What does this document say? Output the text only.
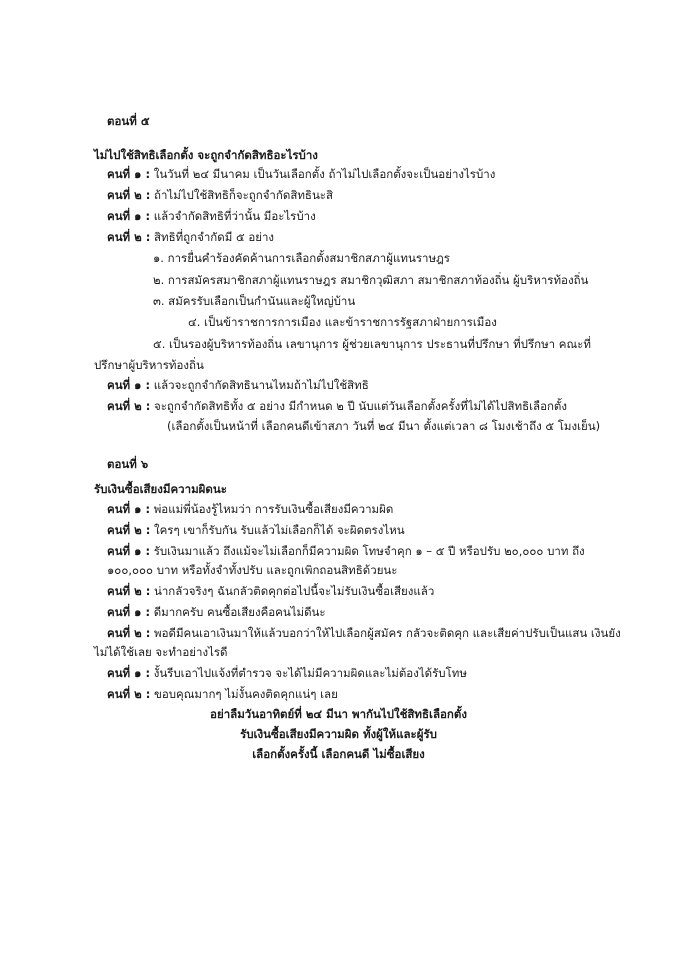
ตอนที่ ๕
ไม่ไปใช้สิทธิเลือกตั้ง จะถูกจำกัดสิทธิอะไรบ้าง
คนที่ ๑ : ในวันที่ ๒๔ มีนาคม เป็นวันเลือกตั้ง ถ้าไม่ไปเลือกตั้งจะเป็นอย่างไรบ้าง
คนที่ ๒ : ถ้าไม่ไปใช้สิทธิก็จะถูกจำกัดสิทธินะสิ
คนที่ ๑ : แล้วจำกัดสิทธิที่ว่านั้น มีอะไรบ้าง
คนที่ ๒ : สิทธิที่ถูกจำกัดมี ๕ อย่าง
๑. การยื่นคำร้องคัดค้านการเลือกตั้งสมาชิกสภาผู้แทนราษฎร
๒. การสมัครสมาชิกสภาผู้แทนราษฎร สมาชิกวุฒิสภา สมาชิกสภาท้องถิ่น ผู้บริหารท้องถิ่น
๓. สมัครรับเลือกเป็นกำนันและผู้ใหญ่บ้าน
๔. เป็นข้าราชการการเมือง และข้าราชการรัฐสภาฝ่ายการเมือง
๕. เป็นรองผู้บริหารท้องถิ่น เลขานุการ ผู้ช่วยเลขานุการ ประธานที่ปรึกษา ที่ปรึกษา คณะที่
ปรึกษาผู้บริหารท้องถิ่น
คนที่ ๑ : แล้วจะถูกจำกัดสิทธินานไหมถ้าไม่ไปใช้สิทธิ
คนที่ ๒ : จะถูกจำกัดสิทธิทั้ง ๕ อย่าง มีกำหนด ๒ ปี นับแต่วันเลือกตั้งครั้งที่ไม่ได้ไปสิทธิเลือกตั้ง
(เลือกตั้งเป็นหน้าที่ เลือกคนดีเข้าสภา วันที่ ๒๔ มีนา ตั้งแต่เวลา ๘ โมงเช้าถึง ๕ โมงเย็น)
ตอนที่ ๖
รับเงินซื้อเสียงมีความผิดนะ
คนที่ ๑ : พ่อแม่พี่น้องรู้ไหมว่า การรับเงินซื้อเสียงมีความผิด
คนที่ ๒ : ใครๆ เขาก็รับกัน รับแล้วไม่เลือกก็ได้ จะผิดตรงไหน
คนที่ ๑ : รับเงินมาแล้ว ถึงแม้จะไม่เลือกก็มีความผิด โทษจำคุก ๑ – ๕ ปี หรือปรับ ๒๐,๐๐๐ บาท ถึง
๑๐๐,๐๐๐ บาท หรือทั้งจำทั้งปรับ และถูกเพิกถอนสิทธิด้วยนะ
คนที่ ๒ : น่ากลัวจริงๆ ฉันกลัวติดคุกต่อไปนี้จะไม่รับเงินซื้อเสียงแล้ว
คนที่ ๑ : ดีมากครับ คนซื้อเสียงคือคนไม่ดีนะ
คนที่ ๒ : พอดีมีคนเอาเงินมาให้แล้วบอกว่าให้ไปเลือกผู้สมัคร กลัวจะติดคุก และเสียค่าปรับเป็นแสน เงินยัง
ไม่ได้ใช้เลย จะทำอย่างไรดี
คนที่ ๑ : งั้นรีบเอาไปแจ้งที่ตำรวจ จะได้ไม่มีความผิดและไม่ต้องได้รับโทษ
คนที่ ๒ : ขอบคุณมากๆ ไม่งั้นคงติดคุกแน่ๆ เลย
อย่าลืมวันอาทิตย์ที่ ๒๔ มีนา พากันไปใช้สิทธิเลือกตั้ง
รับเงินซื้อเสียงมีความผิด ทั้งผู้ให้และผู้รับ
เลือกตั้งครั้งนี้ เลือกคนดี ไม่ซื้อเสียง
